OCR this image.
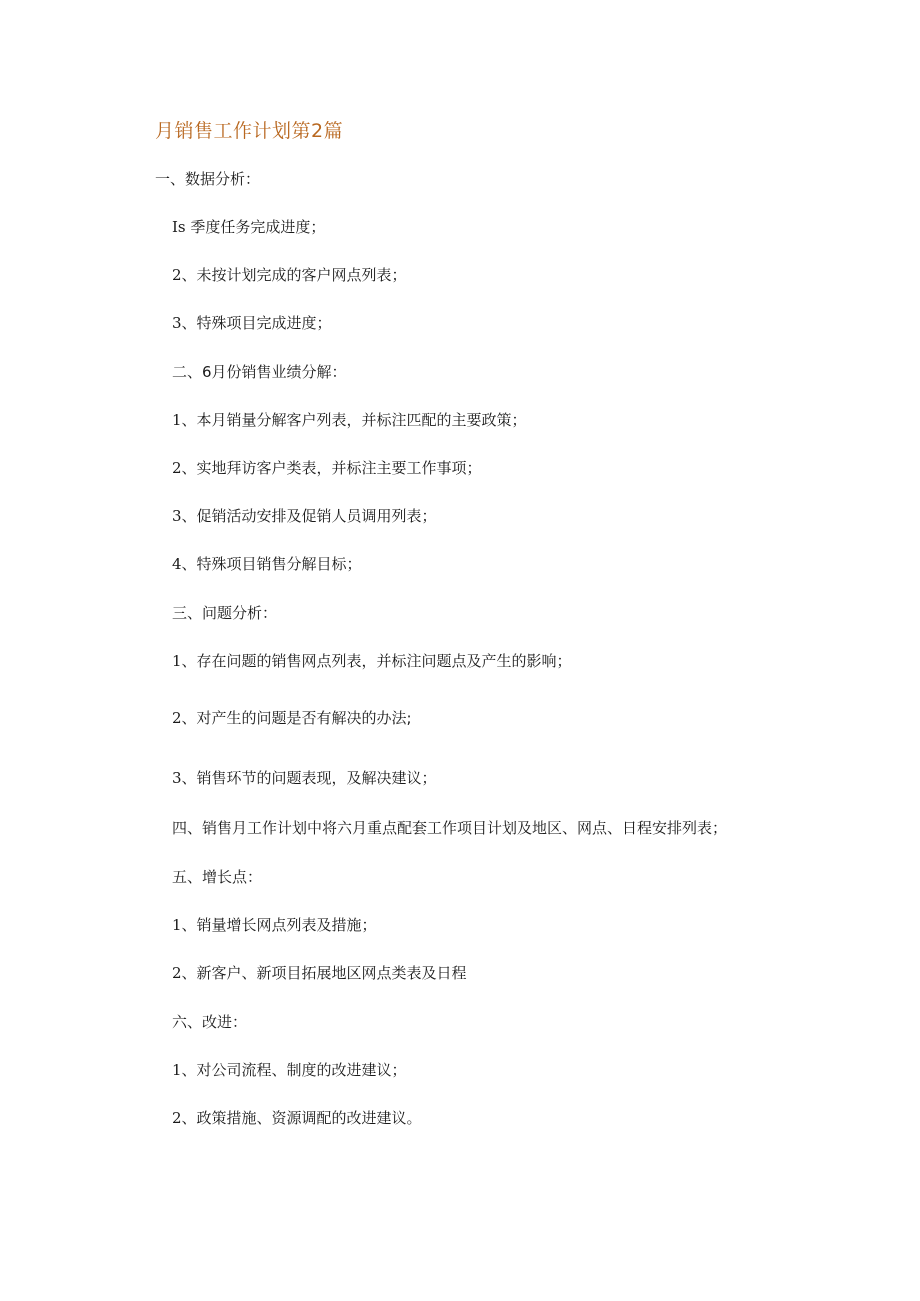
月销售工作计划第2篇
一、数据分析：
Is 季度任务完成进度；
2、未按计划完成的客户网点列表；
3、特殊项目完成进度；
二、6月份销售业绩分解：
1、本月销量分解客户列表，并标注匹配的主要政策；
2、实地拜访客户类表，并标注主要工作事项；
3、促销活动安排及促销人员调用列表；
4、特殊项目销售分解目标；
三、问题分析：
1、存在问题的销售网点列表，并标注问题点及产生的影响；
2、对产生的问题是否有解决的办法;
3、销售环节的问题表现，及解决建议；
四、销售月工作计划中将六月重点配套工作项目计划及地区、网点、日程安排列表；
五、增长点：
1、销量增长网点列表及措施；
2、新客户、新项目拓展地区网点类表及日程
六、改进：
1、对公司流程、制度的改进建议；
2、政策措施、资源调配的改进建议。
